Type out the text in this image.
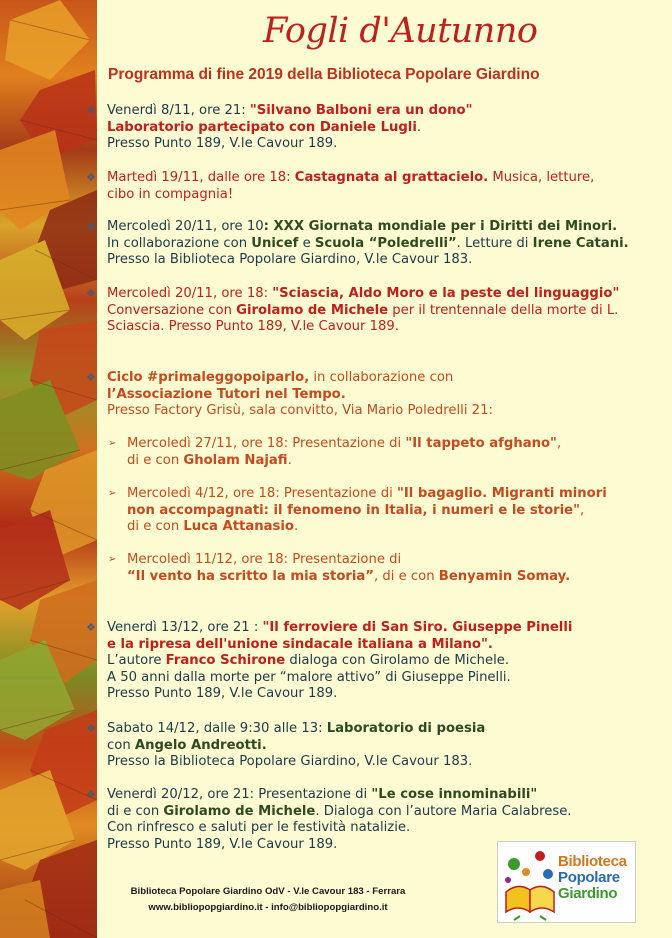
Fogli d'Autunno
Programma di fine 2019 della Biblioteca Popolare Giardino
❖ Venerdì 8/11, ore 21: "Silvano Balboni era un dono"
Laboratorio partecipato con Daniele Lugli.
Presso Punto 189, V.le Cavour 189.
❖ Martedì 19/11, dalle ore 18: Castagnata al grattacielo. Musica, letture,
cibo in compagnia!
❖ Mercoledì 20/11, ore 10: XXX Giornata mondiale per i Diritti dei Minori.
In collaborazione con Unicef e Scuola “Poledrelli”. Letture di Irene Catani.
Presso la Biblioteca Popolare Giardino, V.le Cavour 183.
❖ Mercoledì 20/11, ore 18: "Sciascia, Aldo Moro e la peste del linguaggio"
Conversazione con Girolamo de Michele per il trentennale della morte di L.
Sciascia. Presso Punto 189, V.le Cavour 189.
❖ Ciclo #primaleggopoiparlo, in collaborazione con
l’Associazione Tutori nel Tempo.
Presso Factory Grisù, sala convitto, Via Mario Poledrelli 21:
➢ Mercoledì 27/11, ore 18: Presentazione di "Il tappeto afghano",
di e con Gholam Najafi.
➢ Mercoledì 4/12, ore 18: Presentazione di "Il bagaglio. Migranti minori
non accompagnati: il fenomeno in Italia, i numeri e le storie",
di e con Luca Attanasio.
➢ Mercoledì 11/12, ore 18: Presentazione di
“Il vento ha scritto la mia storia”, di e con Benyamin Somay.
❖ Venerdì 13/12, ore 21 : "Il ferroviere di San Siro. Giuseppe Pinelli
e la ripresa dell'unione sindacale italiana a Milano".
L’autore Franco Schirone dialoga con Girolamo de Michele.
A 50 anni dalla morte per “malore attivo” di Giuseppe Pinelli.
Presso Punto 189, V.le Cavour 189.
❖ Sabato 14/12, dalle 9:30 alle 13: Laboratorio di poesia
con Angelo Andreotti.
Presso la Biblioteca Popolare Giardino, V.le Cavour 183.
❖ Venerdì 20/12, ore 21: Presentazione di "Le cose innominabili"
di e con Girolamo de Michele. Dialoga con l’autore Maria Calabrese.
Con rinfresco e saluti per le festività natalizie.
Presso Punto 189, V.le Cavour 189.
Biblioteca Popolare Giardino OdV - V.le Cavour 183 - Ferrara
www.bibliopopgiardino.it - info@bibliopopgiardino.it
Biblioteca
Popolare
Giardino
